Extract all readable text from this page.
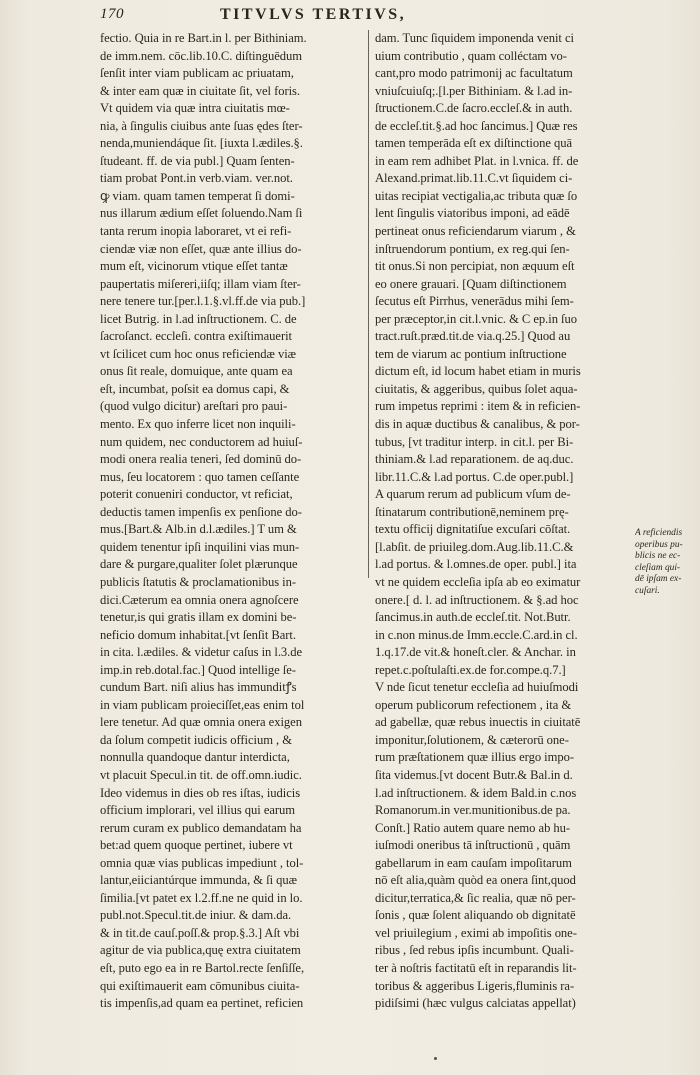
170	TITVLVS TERTIVS,
fectio. Quia in re Bart.in l. per Bithiniam.
de imm.nem. cōc.lib.10.C. diſtinguēdum
ſenſit inter viam publicam ac priuatam,
& inter eam quæ in ciuitate ſit, vel foris.
Vt quidem via quæ intra ciuitatis mœ-
nia, à ſingulis ciuibus ante ſuas ędes ſter-
nenda,muniendáque ſit. [iuxta l.ædiles.§.
ſtudeant. ff. de via publ.] Quam ſenten-
tiam probat Pont.in verb.viam. ver.not.
ꝙ viam. quam tamen temperat ſi domi-
nus illarum ædium eſſet ſoluendo.Nam ſi
tanta rerum inopia laboraret, vt ei refi-
ciendæ viæ non eſſet, quæ ante illius do-
mum eſt, vicinorum vtique eſſet tantæ
paupertatis miſereri,iiſq; illam viam ſter-
nere tenere tur.[per.l.1.§.vl.ff.de via pub.]
licet Butrig. in l.ad inſtructionem. C. de
ſacroſanct. eccleſi. contra exiſtimauerit
vt ſcilicet cum hoc onus reficiendæ viæ
onus ſit reale, domuique, ante quam ea
eſt, incumbat, poſsit ea domus capi, &
(quod vulgo dicitur) areſtari pro paui-
mento. Ex quo inferre licet non inquili-
num quidem, nec conductorem ad huiuſ-
modi onera realia teneri, ſed dominū do-
mus, ſeu locatorem : quo tamen ceſſante
poterit conueniri conductor, vt reficiat,
deductis tamen impenſis ex penſione do-
mus.[Bart.& Alb.in d.l.ædiles.] T um &
quidem tenentur ipſi inquilini vias mun-
dare & purgare,qualiter ſolet plærunque
publicis ſtatutis & proclamationibus in-
dici.Cæterum ea omnia onera agnoſcere
tenetur,is qui gratis illam ex domini be-
neficio domum inhabitat.[vt ſenſit Bart.
in cita. l.ædiles. & videtur caſus in l.3.de
imp.in reb.dotal.fac.] Quod intellige ſe-
cundum Bart. niſi alius has immunditꝭs
in viam publicam proieciſſet,eas enim tol
lere tenetur. Ad quæ omnia onera exigen
da ſolum competit iudicis officium , &
nonnulla quandoque dantur interdicta,
vt placuit Specul.in tit. de off.omn.iudic.
Ideo videmus in dies ob res iſtas, iudicis
officium implorari, vel illius qui earum
rerum curam ex publico demandatam ha
bet:ad quem quoque pertinet, iubere vt
omnia quæ vias publicas impediunt , tol-
lantur,eiiciantúrque immunda, & ſi quæ
ſimilia.[vt patet ex l.2.ff.ne ne quid in lo.
publ.not.Specul.tit.de iniur. & dam.da.
& in tit.de cauſ.poſſ.& prop.§.3.] Aſt vbi
agitur de via publica,quę extra ciuitatem
eſt, puto ego ea in re Bartol.recte ſenſiſſe,
qui exiſtimauerit eam cōmunibus ciuita-
tis impenſis,ad quam ea pertinet, reficien
dam. Tunc ſiquidem imponenda venit ci
uium contributio , quam colléctam vo-
cant,pro modo patrimonij ac facultatum
vniuſcuiuſq;.[l.per Bithiniam. & l.ad in-
ſtructionem.C.de ſacro.eccleſ.& in auth.
de eccleſ.tit.§.ad hoc ſancimus.] Quæ res
tamen temperāda eſt ex diſtinctione quā
in eam rem adhibet Plat. in l.vnica. ff. de
Alexand.primat.lib.11.C.vt ſiquidem ci-
uitas recipiat vectigalia,ac tributa quæ ſo
lent ſingulis viatoribus imponi, ad eādē
pertineat onus reficiendarum viarum , &
inſtruendorum pontium, ex reg.qui ſen-
tit onus.Si non percipiat, non æquum eſt
eo onere grauari. [Quam diſtinctionem
ſecutus eſt Pirrhus, venerādus mihi ſem-
per præceptor,in cit.l.vnic. & C ep.in ſuo
tract.ruſt.præd.tit.de via.q.25.] Quod au
tem de viarum ac pontium inſtructione
dictum eſt, id locum habet etiam in muris
ciuitatis, & aggeribus, quibus ſolet aqua-
rum impetus reprimi : item & in reficien-
dis in aquæ ductibus & canalibus, & por-
tubus, [vt traditur interp. in cit.l. per Bi-
thiniam.& l.ad reparationem. de aq.duc.
libr.11.C.& l.ad portus. C.de oper.publ.]
A quarum rerum ad publicum vſum de-
ſtinatarum contributionē,neminem prę-
textu officij dignitatiſue excuſari cōſtat.
[l.abſit. de priuileg.dom.Aug.lib.11.C.&
l.ad portus. & l.omnes.de oper. publ.] ita
vt ne quidem eccleſia ipſa ab eo eximatur
onere.[ d. l. ad inſtructionem. & §.ad hoc
ſancimus.in auth.de eccleſ.tit. Not.Butr.
in c.non minus.de Imm.eccle.C.ard.in cl.
1.q.17.de vit.& honeſt.cler. & Anchar. in
repet.c.poſtulaſti.ex.de for.compe.q.7.]
V nde ſicut tenetur eccleſia ad huiuſmodi
operum publicorum refectionem , ita &
ad gabellæ, quæ rebus inuectis in ciuitatē
imponitur,ſolutionem, & cæterorū one-
rum præſtationem quæ illius ergo impo-
ſita videmus.[vt docent Butr.& Bal.in d.
l.ad inſtructionem. & idem Bald.in c.nos
Romanorum.in ver.munitionibus.de pa.
Conſt.] Ratio autem quare nemo ab hu-
iuſmodi oneribus tā inſtructionū , quām
gabellarum in eam cauſam impoſitarum
nō eſt alia,quàm quòd ea onera ſint,quod
dicitur,terratica,& ſic realia, quæ nō per-
ſonis , quæ ſolent aliquando ob dignitatē
vel priuilegium , eximi ab impoſitis one-
ribus , ſed rebus ipſis incumbunt. Quali-
ter à noſtris factitatū eſt in reparandis lit-
toribus & aggeribus Ligeris,fluminis ra-
pidiſsimi (hæc vulgus calciatas appellat)
A reficiendis
operibus pu-
blicis ne ec-
cleſiam qui-
dē ipſam ex-
cuſari.
